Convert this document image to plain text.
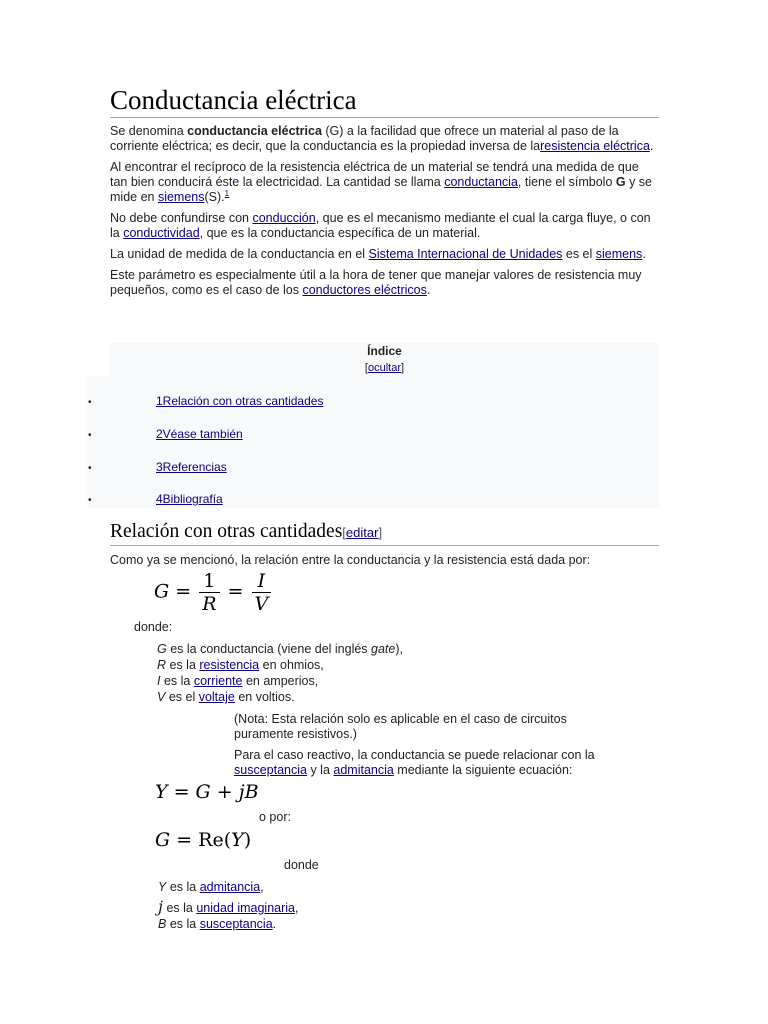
Conductancia eléctrica

Se denomina conductancia eléctrica (G) a la facilidad que ofrece un material al paso de la corriente eléctrica; es decir, que la conductancia es la propiedad inversa de laresistencia eléctrica.

Al encontrar el recíproco de la resistencia eléctrica de un material se tendrá una medida de que tan bien conducirá éste la electricidad. La cantidad se llama conductancia, tiene el símbolo G y se mide en siemens(S).$^1$

No debe confundirse con conducción, que es el mecanismo mediante el cual la carga fluye, o con la conductividad, que es la conductancia específica de un material.

La unidad de medida de la conductancia en el Sistema Internacional de Unidades es el siemens.

Este parámetro es especialmente útil a la hora de tener que manejar valores de resistencia muy pequeños, como es el caso de los conductores eléctricos.

Índice
[ocultar]
•	1Relación con otras cantidades
•	2Véase también
•	3Referencias
•	4Bibliografía
Relación con otras cantidades[editar]
Como ya se mencionó, la relación entre la conductancia y la resistencia está dada por:
$G = \frac{1}{R} = \frac{I}{V}$
donde:
G es la conductancia (viene del inglés gate),
R es la resistencia en ohmios,
I es la corriente en amperios,
V es el voltaje en voltios.
(Nota: Esta relación solo es aplicable en el caso de circuitos puramente resistivos.)
Para el caso reactivo, la conductancia se puede relacionar con la susceptancia y la admitancia mediante la siguiente ecuación:
Y = G + jB
o por:
G = Re(Y)
donde
Y es la admitancia,
j es la unidad imaginaria,
B es la susceptancia.
